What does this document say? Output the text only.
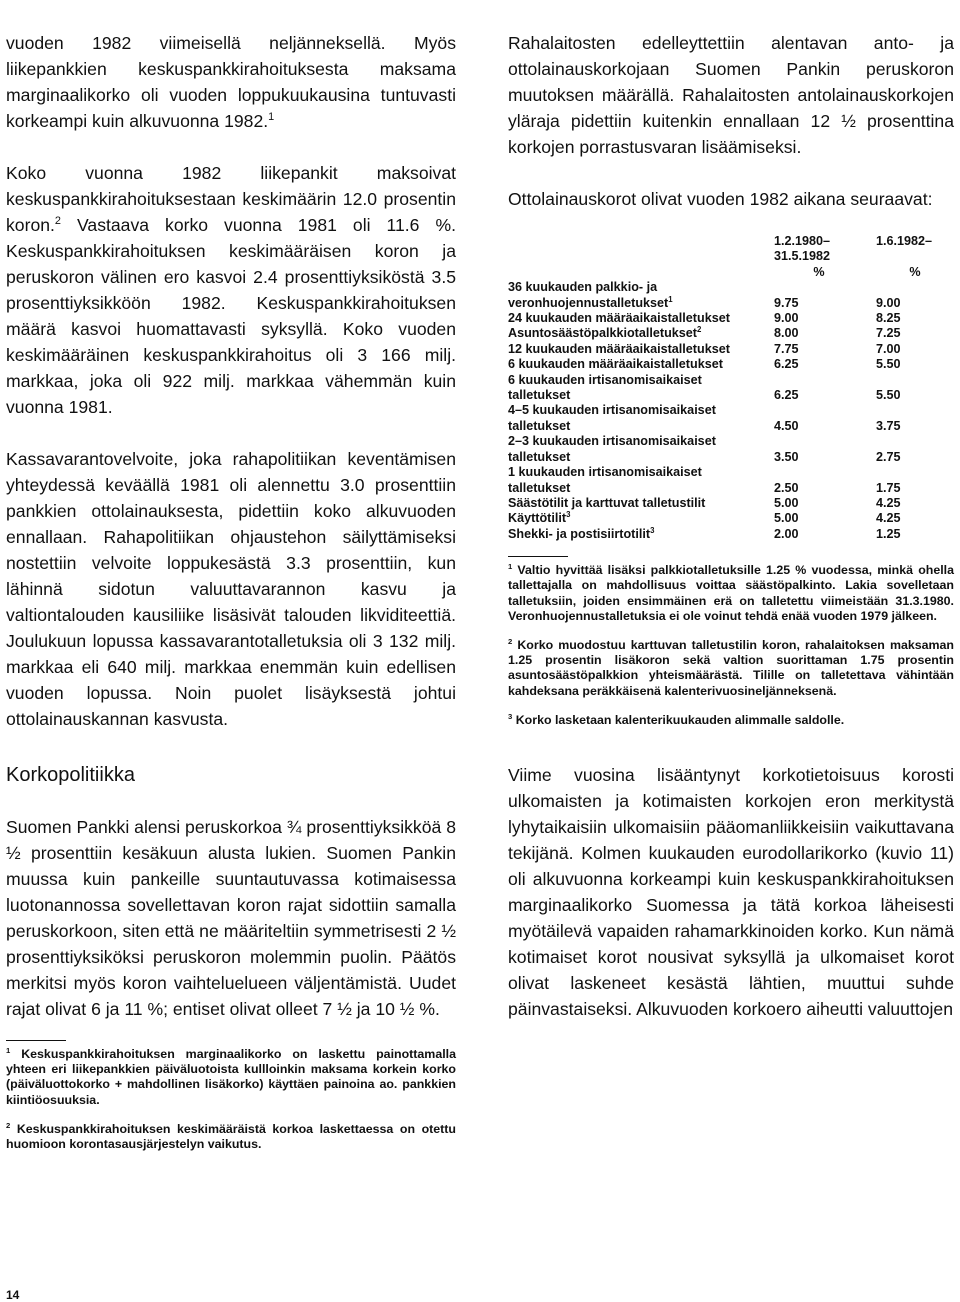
vuoden 1982 viimeisellä neljänneksellä. Myös liikepankkien keskuspankkirahoituksesta maksama marginaalikorko oli vuoden loppukuukausina tuntuvasti korkeampi kuin alkuvuonna 1982.$^1$

Koko vuonna 1982 liikepankit maksoivat keskuspankkirahoituksestaan keskimäärin 12.0 prosentin koron.$^2$ Vastaava korko vuonna 1981 oli 11.6 %. Keskuspankkirahoituksen keskimääräisen koron ja peruskoron välinen ero kasvoi 2.4 prosenttiyksiköstä 3.5 prosenttiyksikköön 1982. Keskuspankkirahoituksen määrä kasvoi huomattavasti syksyllä. Koko vuoden keskimääräinen keskuspankkirahoitus oli 3 166 milj. markkaa, joka oli 922 milj. markkaa vähemmän kuin vuonna 1981.

Kassavarantovelvoite, joka rahapolitiikan keventämisen yhteydessä keväällä 1981 oli alennettu 3.0 prosenttiin pankkien ottolainauksesta, pidettiin koko alkuvuoden ennallaan. Rahapolitiikan ohjaustehon säilyttämiseksi nostettiin velvoite loppukesästä 3.3 prosenttiin, kun lähinnä sidotun valuuttavarannon kasvu ja valtiontalouden kausiliike lisäsivät talouden likviditeettiä. Joulukuun lopussa kassavarantotalletuksia oli 3 132 milj. markkaa eli 640 milj. markkaa enemmän kuin edellisen vuoden lopussa. Noin puolet lisäyksestä johtui ottolainauskannan kasvusta.

Korkopolitiikka

Suomen Pankki alensi peruskorkoa ¾ prosenttiyksikköä 8 ½ prosenttiin kesäkuun alusta lukien. Suomen Pankin muussa kuin pankeille suuntautuvassa kotimaisessa luotonannossa sovellettavan koron rajat sidottiin samalla peruskorkoon, siten että ne määriteltiin symmetrisesti 2 ½ prosenttiyksiköksi peruskoron molemmin puolin. Päätös merkitsi myös koron vaihteluelueen väljentämistä. Uudet rajat olivat 6 ja 11 %; entiset olivat olleet 7 ½ ja 10 ½ %.

$^1$ Keskuspankkirahoituksen marginaalikorko on laskettu painottamalla yhteen eri liikepankkien päiväluotoista kullloinkin maksama korkein korko (päiväluottokorko + mahdollinen lisäkorko) käyttäen painoina ao. pankkien kiintiöosuuksia.
$^2$ Keskuspankkirahoituksen keskimääräistä korkoa laskettaessa on otettu huomioon korontasausjärjestelyn vaikutus.

Rahalaitosten edelleyttettiin alentavan anto- ja ottolainauskorkojaan Suomen Pankin peruskoron muutoksen määrällä. Rahalaitosten antolainauskorkojen yläraja pidettiin kuitenkin ennallaan 12 ½ prosenttina korkojen porrastusvaran lisäämiseksi.

Ottolainauskorot olivat vuoden 1982 aikana seuraavat:

	1.2.1980–
31.5.1982	1.6.1982–
	%	%
36 kuukauden palkkio- ja veronhuojennustalletukset$^1$	9.75	9.00
24 kuukauden määräaikaistalletukset	9.00	8.25
Asuntosäästöpalkkiotalletukset$^2$	8.00	7.25
12 kuukauden määräaikaistalletukset	7.75	7.00
6 kuukauden määräaikaistalletukset	6.25	5.50
6 kuukauden irtisanomisaikaiset talletukset	6.25	5.50
4–5 kuukauden irtisanomisaikaiset talletukset	4.50	3.75
2–3 kuukauden irtisanomisaikaiset talletukset	3.50	2.75
1 kuukauden irtisanomisaikaiset talletukset	2.50	1.75
Säästötilit ja karttuvat talletustilit	5.00	4.25
Käyttötilit$^3$	5.00	4.25
Shekki- ja postisiirtotilit$^3$	2.00	1.25
$^1$ Valtio hyvittää lisäksi palkkiotalletuksille 1.25 % vuodessa, minkä ohella tallettajalla on mahdollisuus voittaa säästöpalkinto. Lakia sovelletaan talletuksiin, joiden ensimmäinen erä on talletettu viimeistään 31.3.1980. Veronhuojennustalletuksia ei ole voinut tehdä enää vuoden 1979 jälkeen.
$^2$ Korko muodostuu karttuvan talletustilin koron, rahalaitoksen maksaman 1.25 prosentin lisäkoron sekä valtion suorittaman 1.75 prosentin asuntosäästöpalkkion yhteismäärästä. Tilille on talletettava vähintään kahdeksana peräkkäisenä kalenterivuosineljänneksenä.
$^3$ Korko lasketaan kalenterikuukauden alimmalle saldolle.

Viime vuosina lisääntynyt korkotietoisuus korosti ulkomaisten ja kotimaisten korkojen eron merkitystä lyhytaikaisiin ulkomaisiin pääomanliikkeisiin vaikuttavana tekijänä. Kolmen kuukauden eurodollarikorko (kuvio 11) oli alkuvuonna korkeampi kuin keskuspankkirahoituksen marginaalikorko Suomessa ja tätä korkoa läheisesti myötäilevä vapaiden rahamarkkinoiden korko. Kun nämä kotimaiset korot nousivat syksyllä ja ulkomaiset korot olivat laskeneet kesästä lähtien, muuttui suhde päinvastaiseksi. Alkuvuoden korkoero aiheutti valuuttojen

14
